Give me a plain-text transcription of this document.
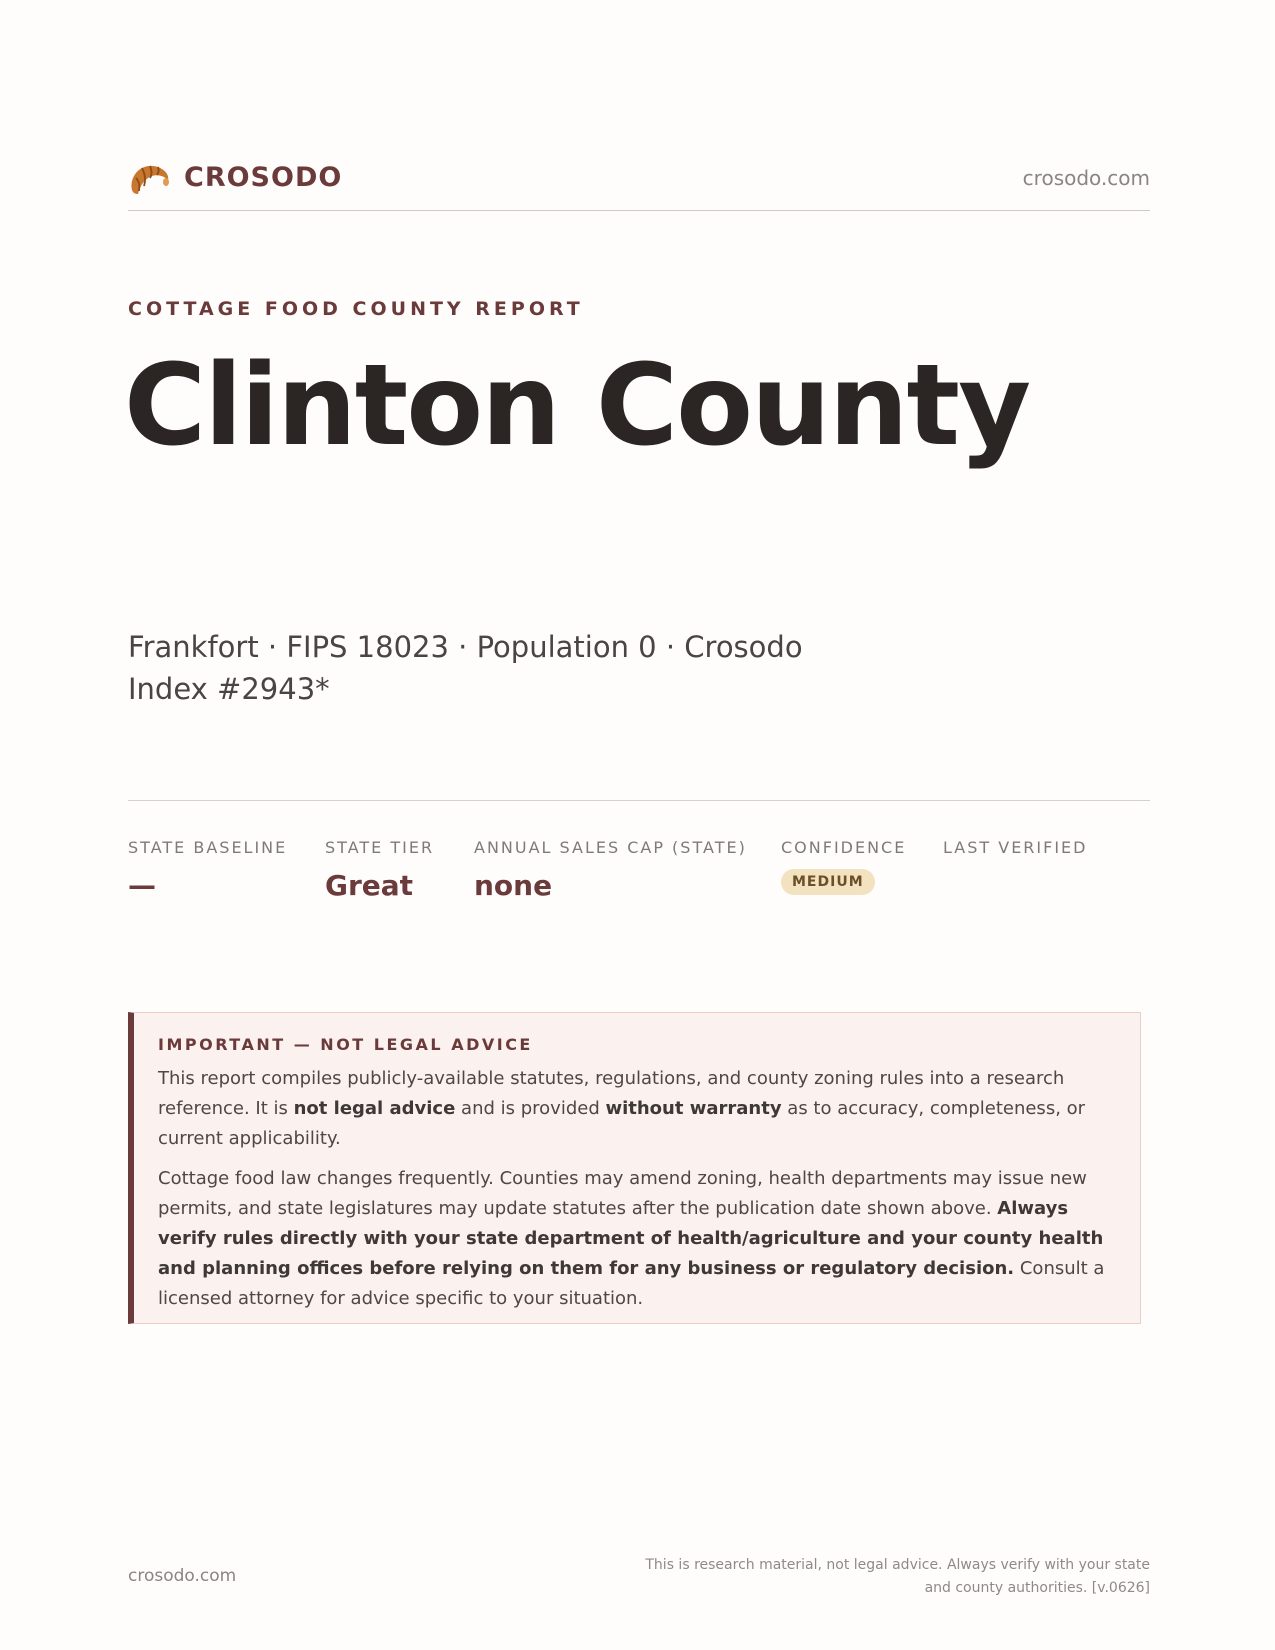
CROSODO	crosodo.com
COTTAGE FOOD COUNTY REPORT
Clinton County
Frankfort · FIPS 18023 · Population 0 · Crosodo Index #2943*
STATE BASELINE
—
STATE TIER
Great
ANNUAL SALES CAP (STATE)
none
CONFIDENCE
MEDIUM
LAST VERIFIED
IMPORTANT — NOT LEGAL ADVICE

This report compiles publicly-available statutes, regulations, and county zoning rules into a research reference. It is not legal advice and is provided without warranty as to accuracy, completeness, or current applicability.

Cottage food law changes frequently. Counties may amend zoning, health departments may issue new permits, and state legislatures may update statutes after the publication date shown above. Always verify rules directly with your state department of health/agriculture and your county health and planning offices before relying on them for any business or regulatory decision. Consult a licensed attorney for advice specific to your situation.

crosodo.com
This is research material, not legal advice. Always verify with your state
and county authorities. [v.0626]
